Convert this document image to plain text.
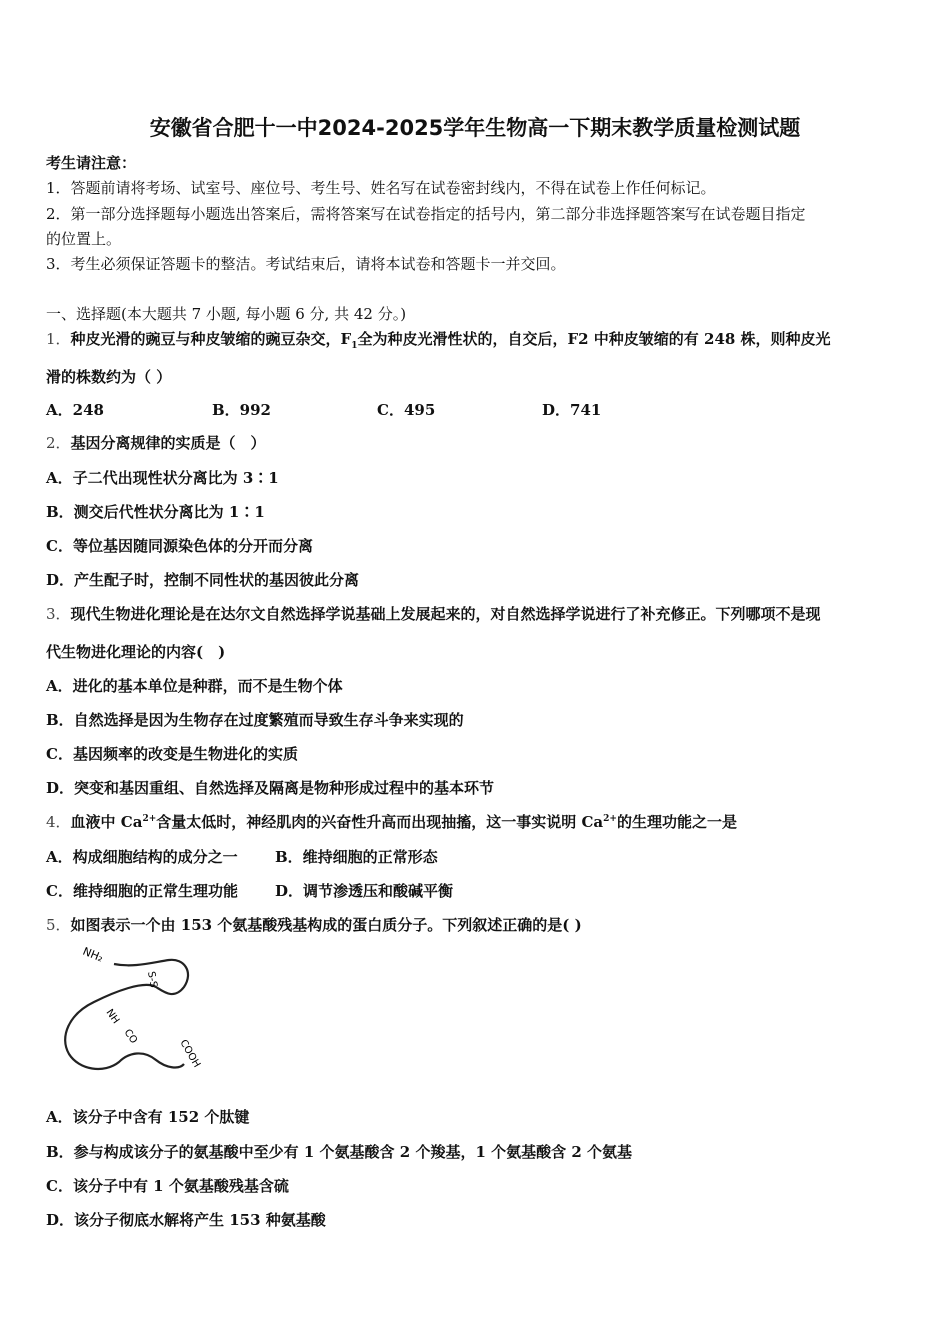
安徽省合肥十一中2024-2025学年生物高一下期末教学质量检测试题
考生请注意：
1．答题前请将考场、试室号、座位号、考生号、姓名写在试卷密封线内，不得在试卷上作任何标记。
2．第一部分选择题每小题选出答案后，需将答案写在试卷指定的括号内，第二部分非选择题答案写在试卷题目指定
的位置上。
3．考生必须保证答题卡的整洁。考试结束后，请将本试卷和答题卡一并交回。
一、选择题(本大题共 7 小题, 每小题 6 分, 共 42 分。)
1．种皮光滑的豌豆与种皮皱缩的豌豆杂交，$F_1$全为种皮光滑性状的，自交后，F2 中种皮皱缩的有 248 株，则种皮光
滑的株数约为（ ）
A．248	B．992	C．495	D．741
2．基因分离规律的实质是（　）
A．子二代出现性状分离比为 3∶1
B．测交后代性状分离比为 1∶1
C．等位基因随同源染色体的分开而分离
D．产生配子时，控制不同性状的基因彼此分离
3．现代生物进化理论是在达尔文自然选择学说基础上发展起来的，对自然选择学说进行了补充修正。下列哪项不是现
代生物进化理论的内容(　)
A．进化的基本单位是种群，而不是生物个体
B．自然选择是因为生物存在过度繁殖而导致生存斗争来实现的
C．基因频率的改变是生物进化的实质
D．突变和基因重组、自然选择及隔离是物种形成过程中的基本环节
4．血液中 $Ca^{2+}$含量太低时，神经肌肉的兴奋性升高而出现抽搐，这一事实说明 $Ca^{2+}$的生理功能之一是
A．构成细胞结构的成分之一 B．维持细胞的正常形态
C．维持细胞的正常生理功能 D．调节渗透压和酸碱平衡
5．如图表示一个由 153 个氨基酸残基构成的蛋白质分子。下列叙述正确的是( )
NH₂
S-S
NH
CO
COOH
A．该分子中含有 152 个肽键
B．参与构成该分子的氨基酸中至少有 1 个氨基酸含 2 个羧基，1 个氨基酸含 2 个氨基
C．该分子中有 1 个氨基酸残基含硫
D．该分子彻底水解将产生 153 种氨基酸
